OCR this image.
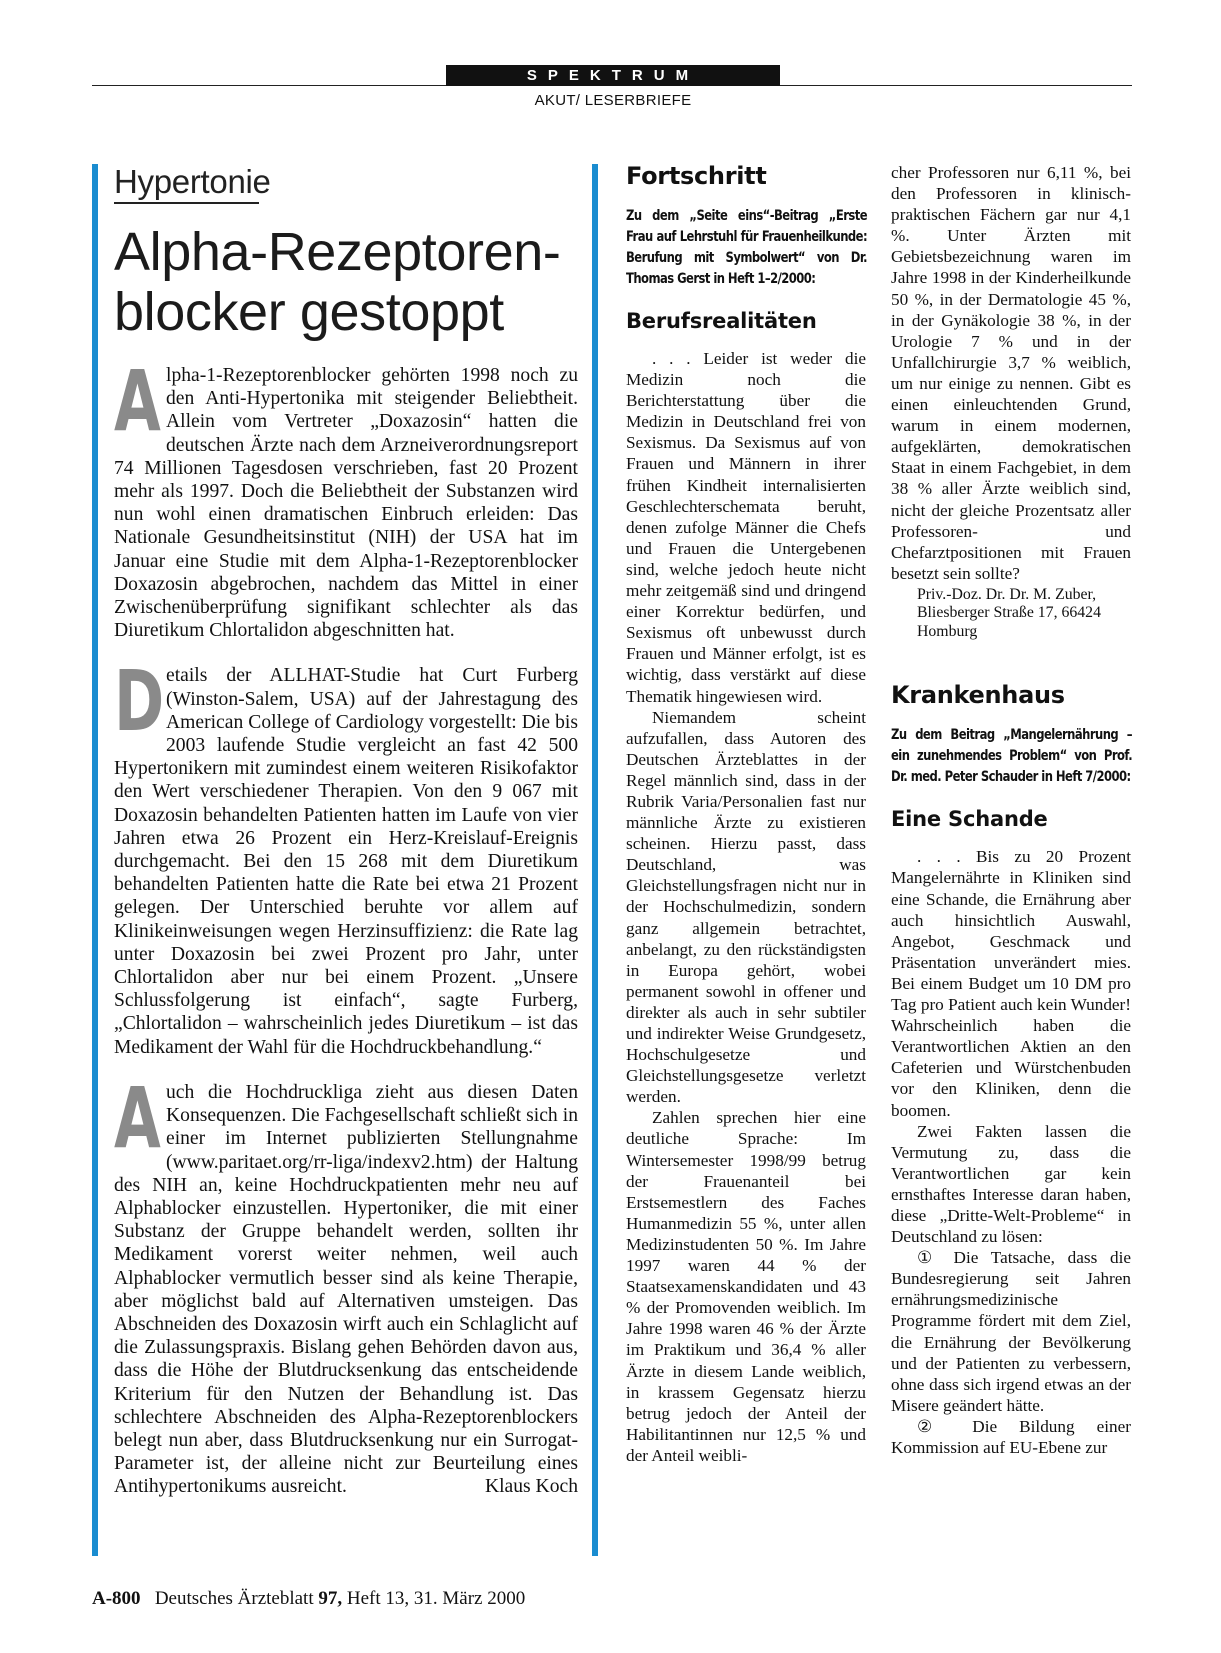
SPEKTRUM
AKUT/ LESERBRIEFE
Hypertonie
Alpha-Rezeptoren-
blocker gestoppt

Alpha-1-Rezeptorenblocker gehörten 1998 noch zu den Anti-Hypertonika mit steigender Beliebtheit. Allein vom Vertreter „Doxazosin“ hatten die deutschen Ärzte nach dem Arzneiverordnungsreport 74 Millionen Tagesdosen verschrieben, fast 20 Prozent mehr als 1997. Doch die Beliebtheit der Substanzen wird nun wohl einen dramatischen Einbruch erleiden: Das Nationale Gesundheitsinstitut (NIH) der USA hat im Januar eine Studie mit dem Alpha-1-Rezeptorenblocker Doxazosin abgebrochen, nachdem das Mittel in einer Zwischenüberprüfung signifikant schlechter als das Diuretikum Chlortalidon abgeschnitten hat.

Details der ALLHAT-Studie hat Curt Furberg (Winston-Salem, USA) auf der Jahrestagung des American College of Cardiology vorgestellt: Die bis 2003 laufende Studie vergleicht an fast 42 500 Hypertonikern mit zumindest einem weiteren Risikofaktor den Wert verschiedener Therapien. Von den 9 067 mit Doxazosin behandelten Patienten hatten im Laufe von vier Jahren etwa 26 Prozent ein Herz-Kreislauf-Ereignis durchgemacht. Bei den 15 268 mit dem Diuretikum behandelten Patienten hatte die Rate bei etwa 21 Prozent gelegen. Der Unterschied beruhte vor allem auf Klinikeinweisungen wegen Herzinsuffizienz: die Rate lag unter Doxazosin bei zwei Prozent pro Jahr, unter Chlortalidon aber nur bei einem Prozent. „Unsere Schlussfolgerung ist einfach“, sagte Furberg, „Chlortalidon – wahrscheinlich jedes Diuretikum – ist das Medikament der Wahl für die Hochdruckbehandlung.“

Auch die Hochdruckliga zieht aus diesen Daten Konsequenzen. Die Fachgesellschaft schließt sich in einer im Internet publizierten Stellungnahme (www.paritaet.org/rr-liga/indexv2.htm) der Haltung des NIH an, keine Hochdruckpatienten mehr neu auf Alphablocker einzustellen. Hypertoniker, die mit einer Substanz der Gruppe behandelt werden, sollten ihr Medikament vorerst weiter nehmen, weil auch Alphablocker vermutlich besser sind als keine Therapie, aber möglichst bald auf Alternativen umsteigen. Das Abschneiden des Doxazosin wirft auch ein Schlaglicht auf die Zulassungspraxis. Bislang gehen Behörden davon aus, dass die Höhe der Blutdrucksenkung das entscheidende Kriterium für den Nutzen der Behandlung ist. Das schlechtere Abschneiden des Alpha-Rezeptorenblockers belegt nun aber, dass Blutdrucksenkung nur ein Surrogat-Parameter ist, der alleine nicht zur Beurteilung eines Antihypertonikums ausreicht.	Klaus Koch

Fortschritt

Zu dem „Seite eins“-Beitrag „Erste Frau auf Lehrstuhl für Frauenheilkunde: Berufung mit Symbolwert“ von Dr. Thomas Gerst in Heft 1–2/2000:

Berufsrealitäten

. . . Leider ist weder die Medizin noch die Berichterstattung über die Medizin in Deutschland frei von Sexismus. Da Sexismus auf von Frauen und Männern in ihrer frühen Kindheit internalisierten Geschlechterschemata beruht, denen zufolge Männer die Chefs und Frauen die Untergebenen sind, welche jedoch heute nicht mehr zeitgemäß sind und dringend einer Korrektur bedürfen, und Sexismus oft unbewusst durch Frauen und Männer erfolgt, ist es wichtig, dass verstärkt auf diese Thematik hingewiesen wird.

Niemandem scheint aufzufallen, dass Autoren des Deutschen Ärzteblattes in der Regel männlich sind, dass in der Rubrik Varia/Personalien fast nur männliche Ärzte zu existieren scheinen. Hierzu passt, dass Deutschland, was Gleichstellungsfragen nicht nur in der Hochschulmedizin, sondern ganz allgemein betrachtet, anbelangt, zu den rückständigsten in Europa gehört, wobei permanent sowohl in offener und direkter als auch in sehr subtiler und indirekter Weise Grundgesetz, Hochschulgesetze und Gleichstellungsgesetze verletzt werden.

Zahlen sprechen hier eine deutliche Sprache: Im Wintersemester 1998/99 betrug der Frauenanteil bei Erstsemestlern des Faches Humanmedizin 55 %, unter allen Medizinstudenten 50 %. Im Jahre 1997 waren 44 % der Staatsexamenskandidaten und 43 % der Promovenden weiblich. Im Jahre 1998 waren 46 % der Ärzte im Praktikum und 36,4 % aller Ärzte in diesem Lande weiblich, in krassem Gegensatz hierzu betrug jedoch der Anteil der Habilitantinnen nur 12,5 % und der Anteil weibli-

cher Professoren nur 6,11 %, bei den Professoren in klinisch-praktischen Fächern gar nur 4,1 %. Unter Ärzten mit Gebietsbezeichnung waren im Jahre 1998 in der Kinderheilkunde 50 %, in der Dermatologie 45 %, in der Gynäkologie 38 %, in der Urologie 7 % und in der Unfallchirurgie 3,7 % weiblich, um nur einige zu nennen. Gibt es einen einleuchtenden Grund, warum in einem modernen, aufgeklärten, demokratischen Staat in einem Fachgebiet, in dem 38 % aller Ärzte weiblich sind, nicht der gleiche Prozentsatz aller Professoren- und Chefarztpositionen mit Frauen besetzt sein sollte?

Priv.-Doz. Dr. Dr. M. Zuber,
Bliesberger Straße 17, 66424
Homburg

Krankenhaus

Zu dem Beitrag „Mangelernährung – ein zunehmendes Problem“ von Prof. Dr. med. Peter Schauder in Heft 7/2000:

Eine Schande

. . . Bis zu 20 Prozent Mangelernährte in Kliniken sind eine Schande, die Ernährung aber auch hinsichtlich Auswahl, Angebot, Geschmack und Präsentation unverändert mies. Bei einem Budget um 10 DM pro Tag pro Patient auch kein Wunder! Wahrscheinlich haben die Verantwortlichen Aktien an den Cafeterien und Würstchenbuden vor den Kliniken, denn die boomen.

Zwei Fakten lassen die Vermutung zu, dass die Verantwortlichen gar kein ernsthaftes Interesse daran haben, diese „Dritte-Welt-Probleme“ in Deutschland zu lösen:

① Die Tatsache, dass die Bundesregierung seit Jahren ernährungsmedizinische Programme fördert mit dem Ziel, die Ernährung der Bevölkerung und der Patienten zu verbessern, ohne dass sich irgend etwas an der Misere geändert hätte.

② Die Bildung einer Kommission auf EU-Ebene zur

A-800 Deutsches Ärzteblatt 97, Heft 13, 31. März 2000
